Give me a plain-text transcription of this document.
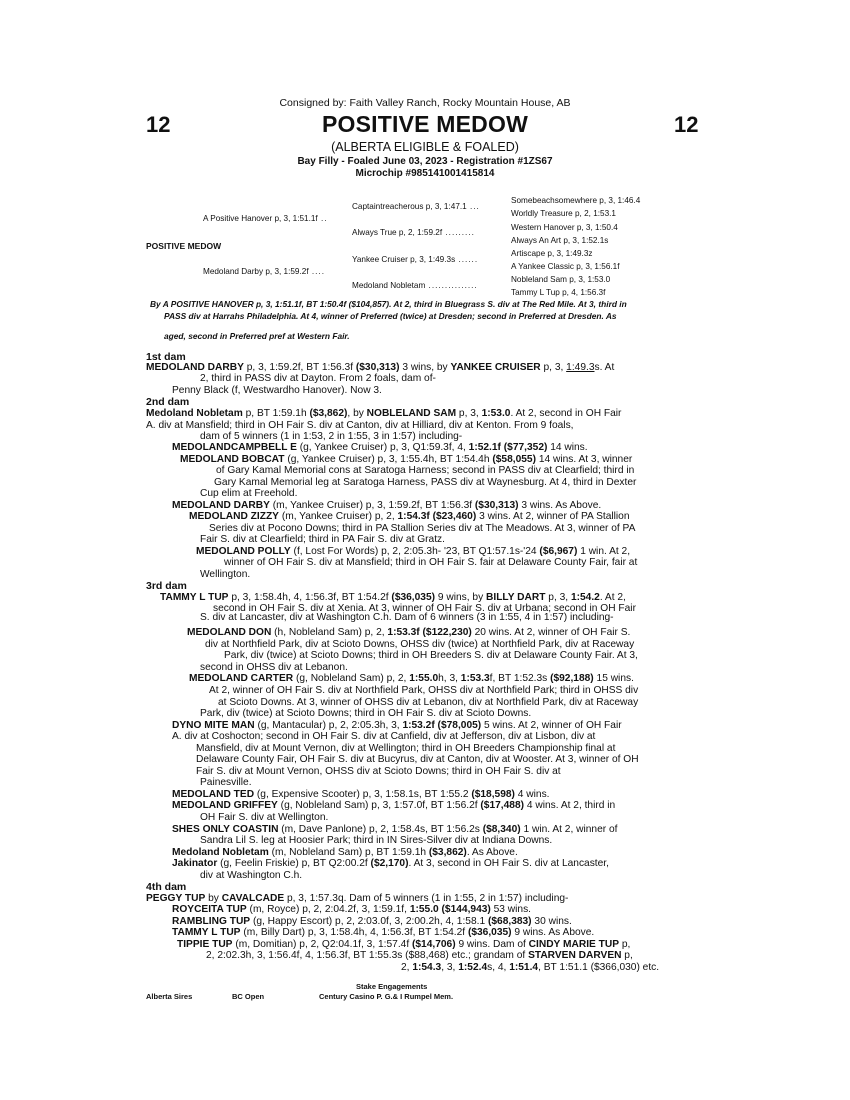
Consigned by: Faith Valley Ranch, Rocky Mountain House, AB
12	POSITIVE MEDOW	12
(ALBERTA ELIGIBLE & FOALED)
Bay Filly - Foaled June 03, 2023 - Registration #1ZS67
Microchip #985141001415814
Somebeachsomewhere p, 3, 1:46.4
Captaintreacherous p, 3, 1:47.1 ...
Worldly Treasure p, 2, 1:53.1
A Positive Hanover p, 3, 1:51.1f ..
Western Hanover p, 3, 1:50.4
Always True p, 2, 1:59.2f .........
Always An Art p, 3, 1:52.1s
POSITIVE MEDOW
Artiscape p, 3, 1:49.3z
Yankee Cruiser p, 3, 1:49.3s ......
A Yankee Classic p, 3, 1:56.1f
Medoland Darby p, 3, 1:59.2f ....
Nobleland Sam p, 3, 1:53.0
Medoland Nobletam ...............
Tammy L Tup p, 4, 1:56.3f
By A POSITIVE HANOVER p, 3, 1:51.1f, BT 1:50.4f ($104,857). At 2, third in Bluegrass S. div at The Red Mile. At 3, third in
PASS div at Harrahs Philadelphia. At 4, winner of Preferred (twice) at Dresden; second in Preferred at Dresden. As
aged, second in Preferred pref at Western Fair.
1st dam
MEDOLAND DARBY p, 3, 1:59.2f, BT 1:56.3f ($30,313) 3 wins, by YANKEE CRUISER p, 3, 1:49.3s. At
2, third in PASS div at Dayton. From 2 foals, dam of-
Penny Black (f, Westwardho Hanover). Now 3.
2nd dam
Medoland Nobletam p, BT 1:59.1h ($3,862), by NOBLELAND SAM p, 3, 1:53.0. At 2, second in OH Fair
A. div at Mansfield; third in OH Fair S. div at Canton, div at Hilliard, div at Kenton. From 9 foals,
dam of 5 winners (1 in 1:53, 2 in 1:55, 3 in 1:57) including-
MEDOLANDCAMPBELL E (g, Yankee Cruiser) p, 3, Q1:59.3f, 4, 1:52.1f ($77,352) 14 wins.
MEDOLAND BOBCAT (g, Yankee Cruiser) p, 3, 1:55.4h, BT 1:54.4h ($58,055) 14 wins. At 3, winner
of Gary Kamal Memorial cons at Saratoga Harness; second in PASS div at Clearfield; third in
Gary Kamal Memorial leg at Saratoga Harness, PASS div at Waynesburg. At 4, third in Dexter
Cup elim at Freehold.
MEDOLAND DARBY (m, Yankee Cruiser) p, 3, 1:59.2f, BT 1:56.3f ($30,313) 3 wins. As Above.
MEDOLAND ZIZZY (m, Yankee Cruiser) p, 2, 1:54.3f ($23,460) 3 wins. At 2, winner of PA Stallion
Series div at Pocono Downs; third in PA Stallion Series div at The Meadows. At 3, winner of PA
Fair S. div at Clearfield; third in PA Fair S. div at Gratz.
MEDOLAND POLLY (f, Lost For Words) p, 2, 2:05.3h- '23, BT Q1:57.1s-'24 ($6,967) 1 win. At 2,
winner of OH Fair S. div at Mansfield; third in OH Fair S. fair at Delaware County Fair, fair at
Wellington.
3rd dam
TAMMY L TUP p, 3, 1:58.4h, 4, 1:56.3f, BT 1:54.2f ($36,035) 9 wins, by BILLY DART p, 3, 1:54.2. At 2,
second in OH Fair S. div at Xenia. At 3, winner of OH Fair S. div at Urbana; second in OH Fair
S. div at Lancaster, div at Washington C.h. Dam of 6 winners (3 in 1:55, 4 in 1:57) including-
MEDOLAND DON (h, Nobleland Sam) p, 2, 1:53.3f ($122,230) 20 wins. At 2, winner of OH Fair S.
div at Northfield Park, div at Scioto Downs, OHSS div (twice) at Northfield Park, div at Raceway
Park, div (twice) at Scioto Downs; third in OH Breeders S. div at Delaware County Fair. At 3,
second in OHSS div at Lebanon.
MEDOLAND CARTER (g, Nobleland Sam) p, 2, 1:55.0h, 3, 1:53.3f, BT 1:52.3s ($92,188) 15 wins.
At 2, winner of OH Fair S. div at Northfield Park, OHSS div at Northfield Park; third in OHSS div
at Scioto Downs. At 3, winner of OHSS div at Lebanon, div at Northfield Park, div at Raceway
Park, div (twice) at Scioto Downs; third in OH Fair S. div at Scioto Downs.
DYNO MITE MAN (g, Mantacular) p, 2, 2:05.3h, 3, 1:53.2f ($78,005) 5 wins. At 2, winner of OH Fair
A. div at Coshocton; second in OH Fair S. div at Canfield, div at Jefferson, div at Lisbon, div at
Mansfield, div at Mount Vernon, div at Wellington; third in OH Breeders Championship final at
Delaware County Fair, OH Fair S. div at Bucyrus, div at Canton, div at Wooster. At 3, winner of OH
Fair S. div at Mount Vernon, OHSS div at Scioto Downs; third in OH Fair S. div at
Painesville.
MEDOLAND TED (g, Expensive Scooter) p, 3, 1:58.1s, BT 1:55.2 ($18,598) 4 wins.
MEDOLAND GRIFFEY (g, Nobleland Sam) p, 3, 1:57.0f, BT 1:56.2f ($17,488) 4 wins. At 2, third in
OH Fair S. div at Wellington.
SHES ONLY COASTIN (m, Dave Panlone) p, 2, 1:58.4s, BT 1:56.2s ($8,340) 1 win. At 2, winner of
Sandra Lil S. leg at Hoosier Park; third in IN Sires-Silver div at Indiana Downs.
Medoland Nobletam (m, Nobleland Sam) p, BT 1:59.1h ($3,862). As Above.
Jakinator (g, Feelin Friskie) p, BT Q2:00.2f ($2,170). At 3, second in OH Fair S. div at Lancaster,
div at Washington C.h.
4th dam
PEGGY TUP by CAVALCADE p, 3, 1:57.3q. Dam of 5 winners (1 in 1:55, 2 in 1:57) including-
ROYCEITA TUP (m, Royce) p, 2, 2:04.2f, 3, 1:59.1f, 1:55.0 ($144,943) 53 wins.
RAMBLING TUP (g, Happy Escort) p, 2, 2:03.0f, 3, 2:00.2h, 4, 1:58.1 ($68,383) 30 wins.
TAMMY L TUP (m, Billy Dart) p, 3, 1:58.4h, 4, 1:56.3f, BT 1:54.2f ($36,035) 9 wins. As Above.
TIPPIE TUP (m, Domitian) p, 2, Q2:04.1f, 3, 1:57.4f ($14,706) 9 wins. Dam of CINDY MARIE TUP p,
2, 2:02.3h, 3, 1:56.4f, 4, 1:56.3f, BT 1:55.3s ($88,468) etc.; grandam of STARVEN DARVEN p,
2, 1:54.3, 3, 1:52.4s, 4, 1:51.4, BT 1:51.1 ($366,030) etc.
Stake Engagements
Alberta Sires	BC Open	Century Casino P. G.& I Rumpel Mem.
